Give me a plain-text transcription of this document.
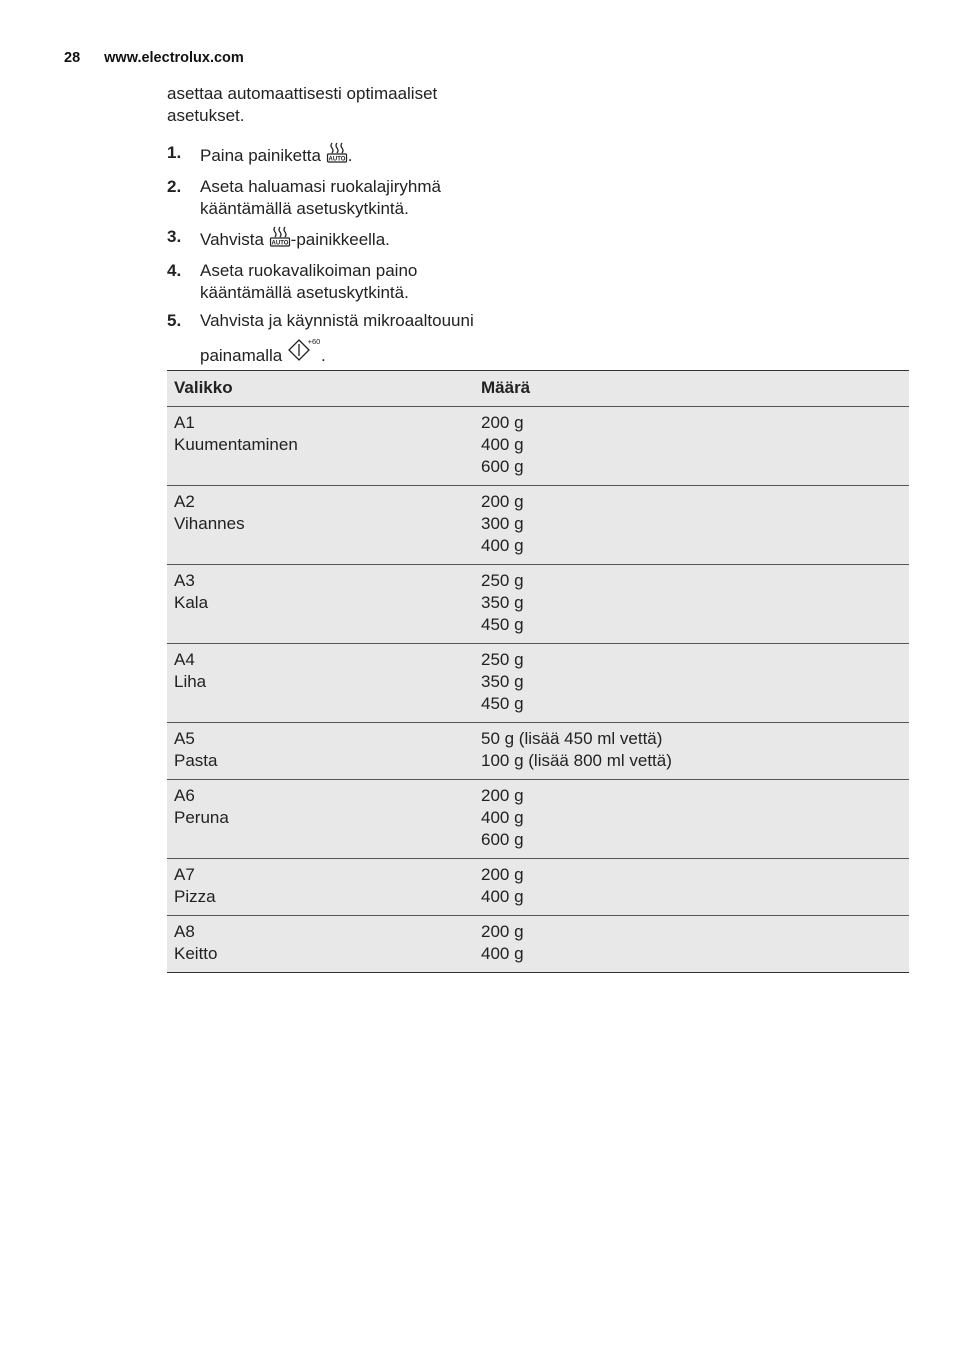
28 www.electrolux.com
asettaa automaattisesti optimaaliset
asetukset.
1.	Paina painiketta AUTO .
2.	Aseta haluamasi ruokalajiryhmä
kääntämällä asetuskytkintä.
3.	Vahvista AUTO -painikkeella.
4.	Aseta ruokavalikoiman paino
kääntämällä asetuskytkintä.
5.	Vahvista ja käynnistä mikroaaltouuni
painamalla
+60
.
Valikko	Määrä

A1
Kuumentaminen	200 g
400 g
600 g

A2
Vihannes	200 g
300 g
400 g

A3
Kala	250 g
350 g
450 g

A4
Liha	250 g
350 g
450 g

A5
Pasta	50 g (lisää 450 ml vettä)
100 g (lisää 800 ml vettä)

A6
Peruna	200 g
400 g
600 g

A7
Pizza	200 g
400 g

A8
Keitto	200 g
400 g
